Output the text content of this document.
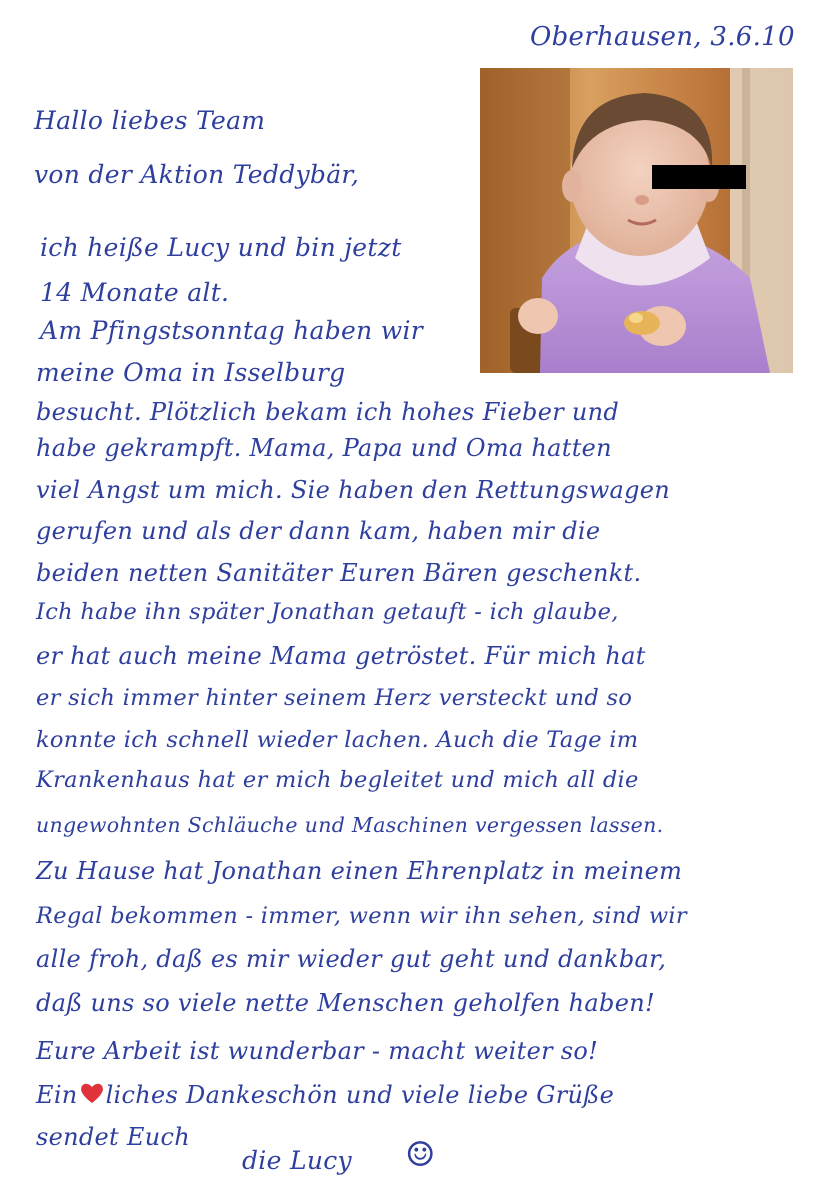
Oberhausen, 3.6.10
Hallo liebes Team
von der Aktion Teddybär,
ich heiße Lucy und bin jetzt
14 Monate alt.
Am Pfingstsonntag haben wir
meine Oma in Isselburg
besucht. Plötzlich bekam ich hohes Fieber und
habe gekrampft. Mama, Papa und Oma hatten
viel Angst um mich. Sie haben den Rettungswagen
gerufen und als der dann kam, haben mir die
beiden netten Sanitäter Euren Bären geschenkt.
Ich habe ihn später Jonathan getauft - ich glaube,
er hat auch meine Mama getröstet. Für mich hat
er sich immer hinter seinem Herz versteckt und so
konnte ich schnell wieder lachen. Auch die Tage im
Krankenhaus hat er mich begleitet und mich all die
ungewohnten Schläuche und Maschinen vergessen lassen.
Zu Hause hat Jonathan einen Ehrenplatz in meinem
Regal bekommen - immer, wenn wir ihn sehen, sind wir
alle froh, daß es mir wieder gut geht und dankbar,
daß uns so viele nette Menschen geholfen haben!
Eure Arbeit ist wunderbar - macht weiter so!
Ein liches Dankeschön und viele liebe Grüße
sendet Euch
die Lucy ☺
